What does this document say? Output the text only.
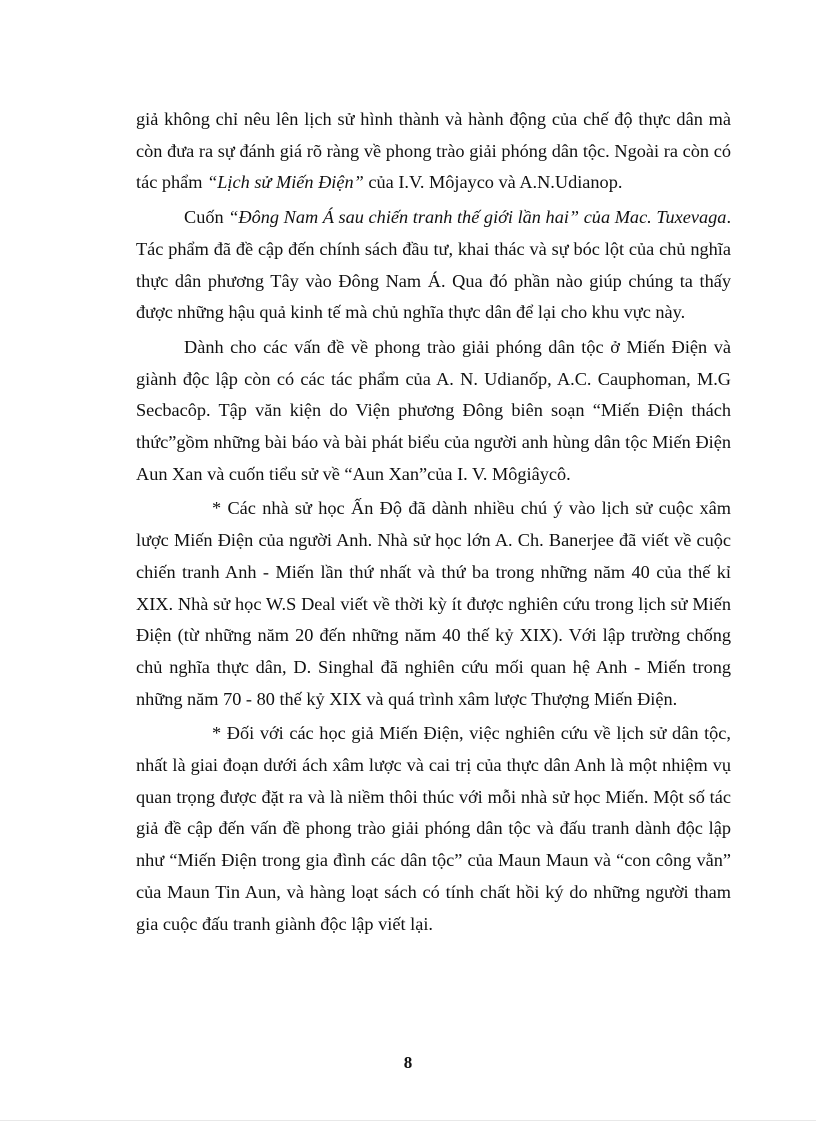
giả không chỉ nêu lên lịch sử hình thành và hành động của chế độ thực dân mà còn đưa ra sự đánh giá rõ ràng về phong trào giải phóng dân tộc. Ngoài ra còn có tác phẩm “Lịch sử Miến Điện” của I.V. Môjayco và A.N.Udianop.

Cuốn “Đông Nam Á sau chiến tranh thế giới lần hai” của Mac. Tuxevaga. Tác phẩm đã đề cập đến chính sách đầu tư, khai thác và sự bóc lột của chủ nghĩa thực dân phương Tây vào Đông Nam Á. Qua đó phần nào giúp chúng ta thấy được những hậu quả kinh tế mà chủ nghĩa thực dân để lại cho khu vực này.

Dành cho các vấn đề về phong trào giải phóng dân tộc ở Miến Điện và giành độc lập còn có các tác phẩm của A. N. Udianốp, A.C. Cauphoman, M.G Secbacôp. Tập văn kiện do Viện phương Đông biên soạn “Miến Điện thách thức”gồm những bài báo và bài phát biểu của người anh hùng dân tộc Miến Điện Aun Xan và cuốn tiểu sử về “Aun Xan”của I. V. Môgiâycô.

* Các nhà sử học Ấn Độ đã dành nhiều chú ý vào lịch sử cuộc xâm lược Miến Điện của người Anh. Nhà sử học lớn A. Ch. Banerjee đã viết về cuộc chiến tranh Anh - Miến lần thứ nhất và thứ ba trong những năm 40 của thế kỉ XIX. Nhà sử học W.S Deal viết về thời kỳ ít được nghiên cứu trong lịch sử Miến Điện (từ những năm 20 đến những năm 40 thế kỷ XIX). Với lập trường chống chủ nghĩa thực dân, D. Singhal đã nghiên cứu mối quan hệ Anh - Miến trong những năm 70 - 80 thế kỷ XIX và quá trình xâm lược Thượng Miến Điện.

* Đối với các học giả Miến Điện, việc nghiên cứu về lịch sử dân tộc, nhất là giai đoạn dưới ách xâm lược và cai trị của thực dân Anh là một nhiệm vụ quan trọng được đặt ra và là niềm thôi thúc với mỗi nhà sử học Miến. Một số tác giả đề cập đến vấn đề phong trào giải phóng dân tộc và đấu tranh dành độc lập như “Miến Điện trong gia đình các dân tộc” của Maun Maun và “con công vằn” của Maun Tin Aun, và hàng loạt sách có tính chất hồi ký do những người tham gia cuộc đấu tranh giành độc lập viết lại.

8
